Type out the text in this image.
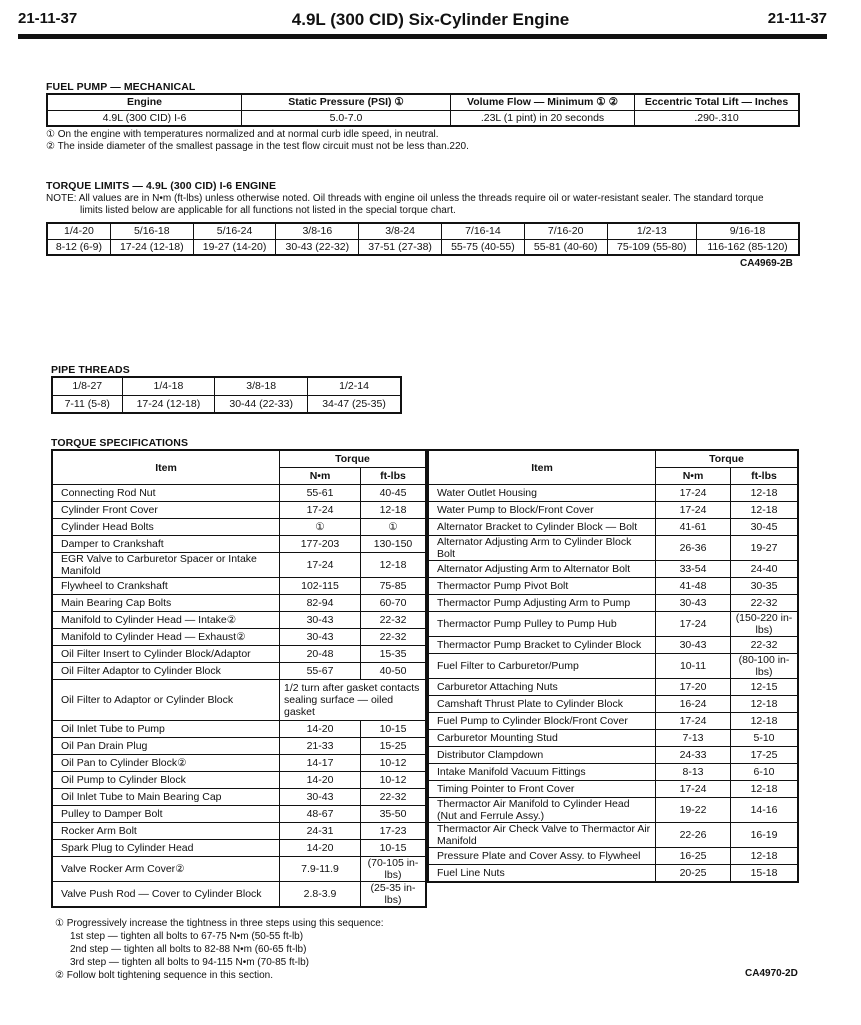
21-11-37	4.9L (300 CID) Six-Cylinder Engine	21-11-37
FUEL PUMP — MECHANICAL
Engine	Static Pressure (PSI) ①	Volume Flow — Minimum ① ②	Eccentric Total Lift — Inches
4.9L (300 CID) I-6	5.0-7.0	.23L (1 pint) in 20 seconds	.290-.310
① On the engine with temperatures normalized and at normal curb idle speed, in neutral.
② The inside diameter of the smallest passage in the test flow circuit must not be less than.220.
TORQUE LIMITS — 4.9L (300 CID) I-6 ENGINE
NOTE: All values are in N•m (ft-lbs) unless otherwise noted. Oil threads with engine oil unless the threads require oil or water-resistant sealer. The standard torque
limits listed below are applicable for all functions not listed in the special torque chart.
1/4-20	5/16-18	5/16-24	3/8-16	3/8-24	7/16-14	7/16-20	1/2-13	9/16-18
8-12 (6-9)	17-24 (12-18)	19-27 (14-20)	30-43 (22-32)	37-51 (27-38)	55-75 (40-55)	55-81 (40-60)	75-109 (55-80)	116-162 (85-120)
CA4969-2B
PIPE THREADS
1/8-27	1/4-18	3/8-18	1/2-14
7-11 (5-8)	17-24 (12-18)	30-44 (22-33)	34-47 (25-35)
TORQUE SPECIFICATIONS
Item	Torque	
	N•m	ft-lbs
Connecting Rod Nut	55-61	40-45
Cylinder Front Cover	17-24	12-18
Cylinder Head Bolts	①	①
Damper to Crankshaft	177-203	130-150
EGR Valve to Carburetor Spacer or Intake Manifold	17-24	12-18
Flywheel to Crankshaft	102-115	75-85
Main Bearing Cap Bolts	82-94	60-70
Manifold to Cylinder Head — Intake②	30-43	22-32
Manifold to Cylinder Head — Exhaust②	30-43	22-32
Oil Filter Insert to Cylinder Block/Adaptor	20-48	15-35
Oil Filter Adaptor to Cylinder Block	55-67	40-50
Oil Filter to Adaptor or Cylinder Block	1/2 turn after gasket contacts sealing surface — oiled gasket	
Oil Inlet Tube to Pump	14-20	10-15
Oil Pan Drain Plug	21-33	15-25
Oil Pan to Cylinder Block②	14-17	10-12
Oil Pump to Cylinder Block	14-20	10-12
Oil Inlet Tube to Main Bearing Cap	30-43	22-32
Pulley to Damper Bolt	48-67	35-50
Rocker Arm Bolt	24-31	17-23
Spark Plug to Cylinder Head	14-20	10-15
Valve Rocker Arm Cover②	7.9-11.9	(70-105 in-lbs)
Valve Push Rod — Cover to Cylinder Block	2.8-3.9	(25-35 in-lbs)
Item	Torque	
	N•m	ft-lbs
Water Outlet Housing	17-24	12-18
Water Pump to Block/Front Cover	17-24	12-18
Alternator Bracket to Cylinder Block — Bolt	41-61	30-45
Alternator Adjusting Arm to Cylinder Block Bolt	26-36	19-27
Alternator Adjusting Arm to Alternator Bolt	33-54	24-40
Thermactor Pump Pivot Bolt	41-48	30-35
Thermactor Pump Adjusting Arm to Pump	30-43	22-32
Thermactor Pump Pulley to Pump Hub	17-24	(150-220 in-lbs)
Thermactor Pump Bracket to Cylinder Block	30-43	22-32
Fuel Filter to Carburetor/Pump	10-11	(80-100 in-lbs)
Carburetor Attaching Nuts	17-20	12-15
Camshaft Thrust Plate to Cylinder Block	16-24	12-18
Fuel Pump to Cylinder Block/Front Cover	17-24	12-18
Carburetor Mounting Stud	7-13	5-10
Distributor Clampdown	24-33	17-25
Intake Manifold Vacuum Fittings	8-13	6-10
Timing Pointer to Front Cover	17-24	12-18
Thermactor Air Manifold to Cylinder Head (Nut and Ferrule Assy.)	19-22	14-16
Thermactor Air Check Valve to Thermactor Air Manifold	22-26	16-19
Pressure Plate and Cover Assy. to Flywheel	16-25	12-18
Fuel Line Nuts	20-25	15-18
① Progressively increase the tightness in three steps using this sequence:
1st step — tighten all bolts to 67-75 N•m (50-55 ft-lb)
2nd step — tighten all bolts to 82-88 N•m (60-65 ft-lb)
3rd step — tighten all bolts to 94-115 N•m (70-85 ft-lb)
② Follow bolt tightening sequence in this section.	CA4970-2D
